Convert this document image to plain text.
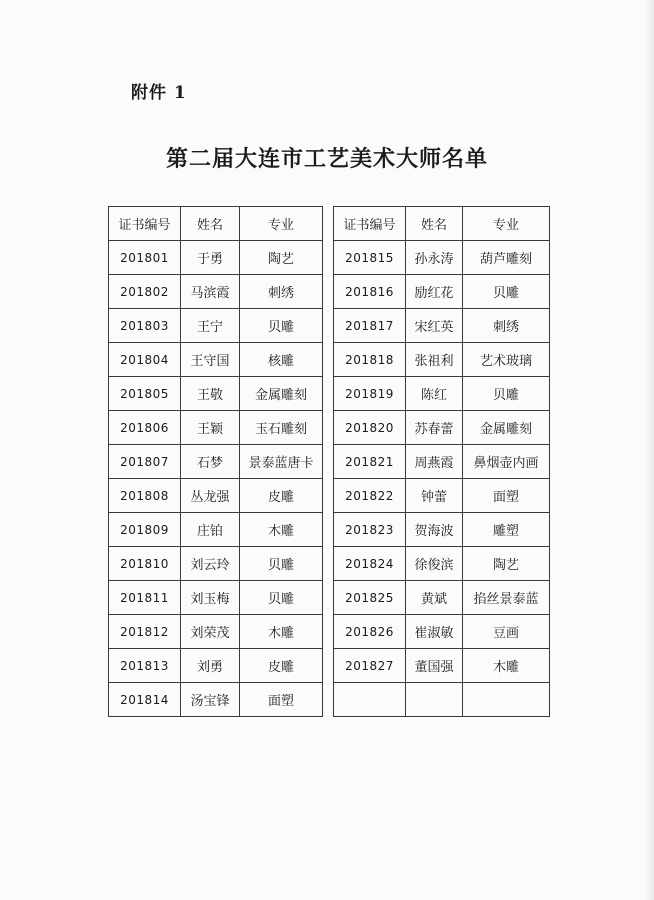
附件 1
第二届大连市工艺美术大师名单
证书编号	姓名	专业
201801	于勇	陶艺
201802	马滨霞	刺绣
201803	王宁	贝雕
201804	王守国	核雕
201805	王敬	金属雕刻
201806	王颖	玉石雕刻
201807	石梦	景泰蓝唐卡
201808	丛龙强	皮雕
201809	庄铂	木雕
201810	刘云玲	贝雕
201811	刘玉梅	贝雕
201812	刘荣茂	木雕
201813	刘勇	皮雕
201814	汤宝锋	面塑
证书编号	姓名	专业
201815	孙永涛	葫芦雕刻
201816	励红花	贝雕
201817	宋红英	刺绣
201818	张祖利	艺术玻璃
201819	陈红	贝雕
201820	苏春蕾	金属雕刻
201821	周燕霞	鼻烟壶内画
201822	钟蕾	面塑
201823	贺海波	雕塑
201824	徐俊滨	陶艺
201825	黄斌	掐丝景泰蓝
201826	崔淑敏	豆画
201827	董国强	木雕
